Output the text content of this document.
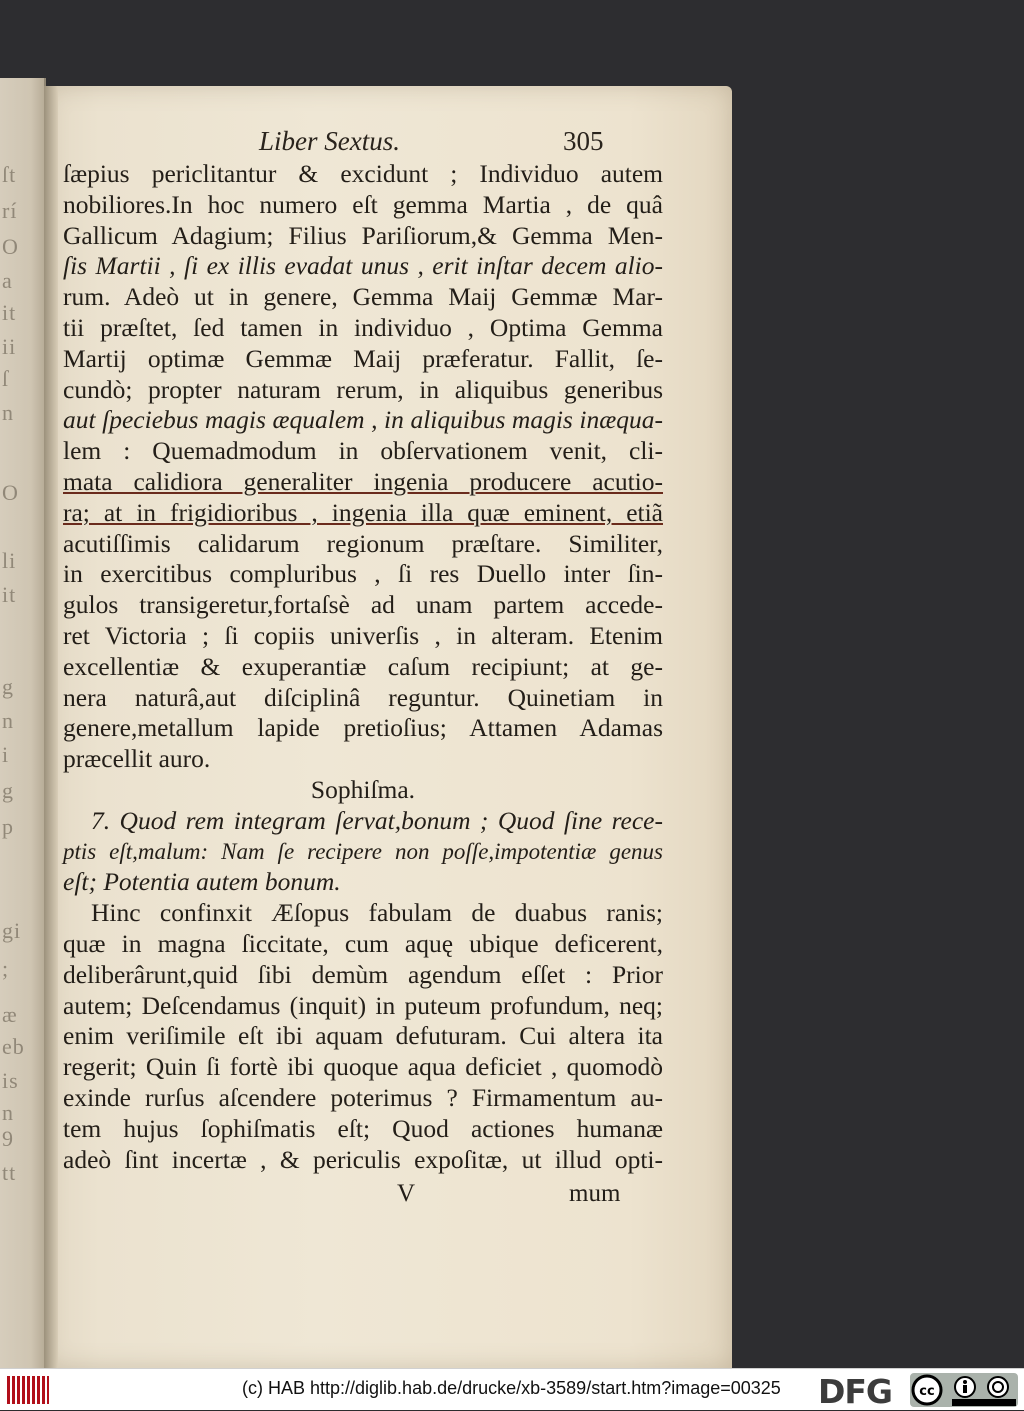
ſt
rí
O
a
it
ii
ſ
n
O
li
it
g
n
i
g
p
gi
;
æ
eb
is
n
9
tt
Liber Sextus.	305
ſæpius periclitantur & excidunt ; Individuo autem
nobiliores.In hoc numero eſt gemma Martia , de quâ
Gallicum Adagium; Filius Pariſiorum,& Gemma Men-
ſis Martii , ſi ex illis evadat unus , erit inſtar decem alio-
rum. Adeò ut in genere, Gemma Maij Gemmæ Mar-
tii præſtet, ſed tamen in individuo , Optima Gemma
Martij optimæ Gemmæ Maij præferatur. Fallit, ſe-
cundò; propter naturam rerum, in aliquibus generibus
aut ſpeciebus magis æqualem , in aliquibus magis inæqua-
lem : Quemadmodum in obſervationem venit, cli-
mata calidiora generaliter ingenia producere acutio-
ra; at in frigidioribus , ingenia illa quæ eminent, etiã
acutiſſimis calidarum regionum præſtare. Similiter,
in exercitibus compluribus , ſi res Duello inter ſin-
gulos transigeretur,fortaſsè ad unam partem accede-
ret Victoria ; ſi copiis univerſis , in alteram. Etenim
excellentiæ & exuperantiæ caſum recipiunt; at ge-
nera naturâ,aut diſciplinâ reguntur. Quinetiam in
genere,metallum lapide pretioſius; Attamen Adamas
præcellit auro.
Sophiſma.
7. Quod rem integram ſervat,bonum ; Quod ſine rece-
ptis eſt,malum: Nam ſe recipere non poſſe,impotentiæ genus
eſt; Potentia autem bonum.
Hinc confinxit Æſopus fabulam de duabus ranis;
quæ in magna ſiccitate, cum aquę ubique deficerent,
deliberârunt,quid ſibi demùm agendum eſſet : Prior
autem; Deſcendamus (inquit) in puteum profundum, neq;
enim veriſimile eſt ibi aquam defuturam. Cui altera ita
regerit; Quin ſi fortè ibi quoque aqua deficiet , quomodò
exinde rurſus aſcendere poterimus ? Firmamentum au-
tem hujus ſophiſmatis eſt; Quod actiones humanæ
adeò ſint incertæ , & periculis expoſitæ, ut illud opti-
V	mum
(c) HAB http://diglib.hab.de/drucke/xb-3589/start.htm?image=00325 DFG cc
